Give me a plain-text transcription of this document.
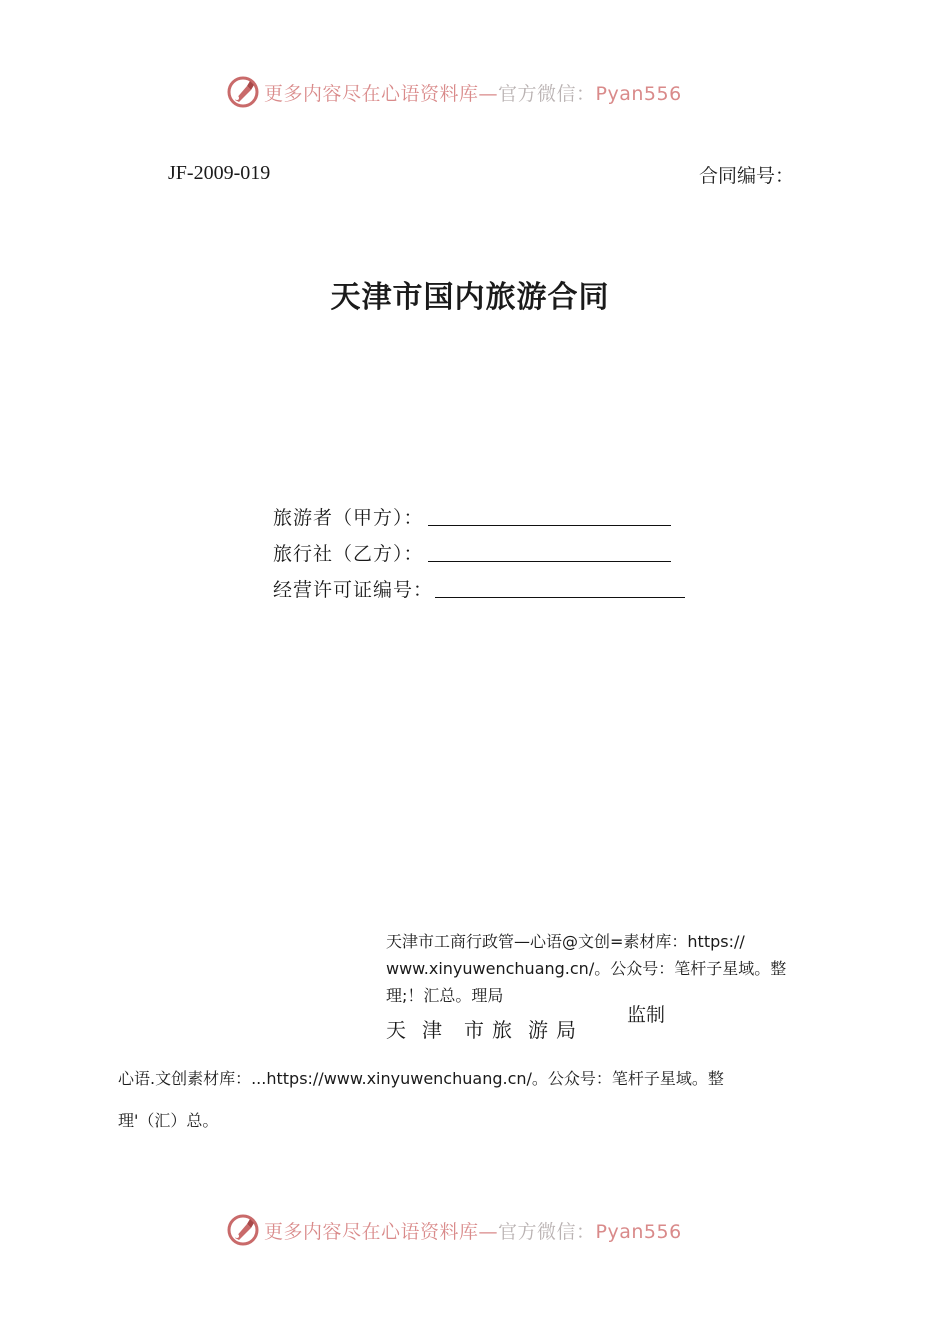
更多内容尽在心语资料库—官方微信：Pyan556
JF-2009-019	合同编号：
天津市国内旅游合同
旅游者（甲方）：
旅行社（乙方）：
经营许可证编号：

天津市工商行政管—心语@文创=素材库：https://

www.xinyuwenchuang.cn/。公众号：笔杆子星域。整

理;！汇总。理局

天 津 市 旅 游 局
监制

心语.文创素材库：...https://www.xinyuwenchuang.cn/。公众号：笔杆子星域。整

理'（汇）总。

更多内容尽在心语资料库—官方微信：Pyan556
